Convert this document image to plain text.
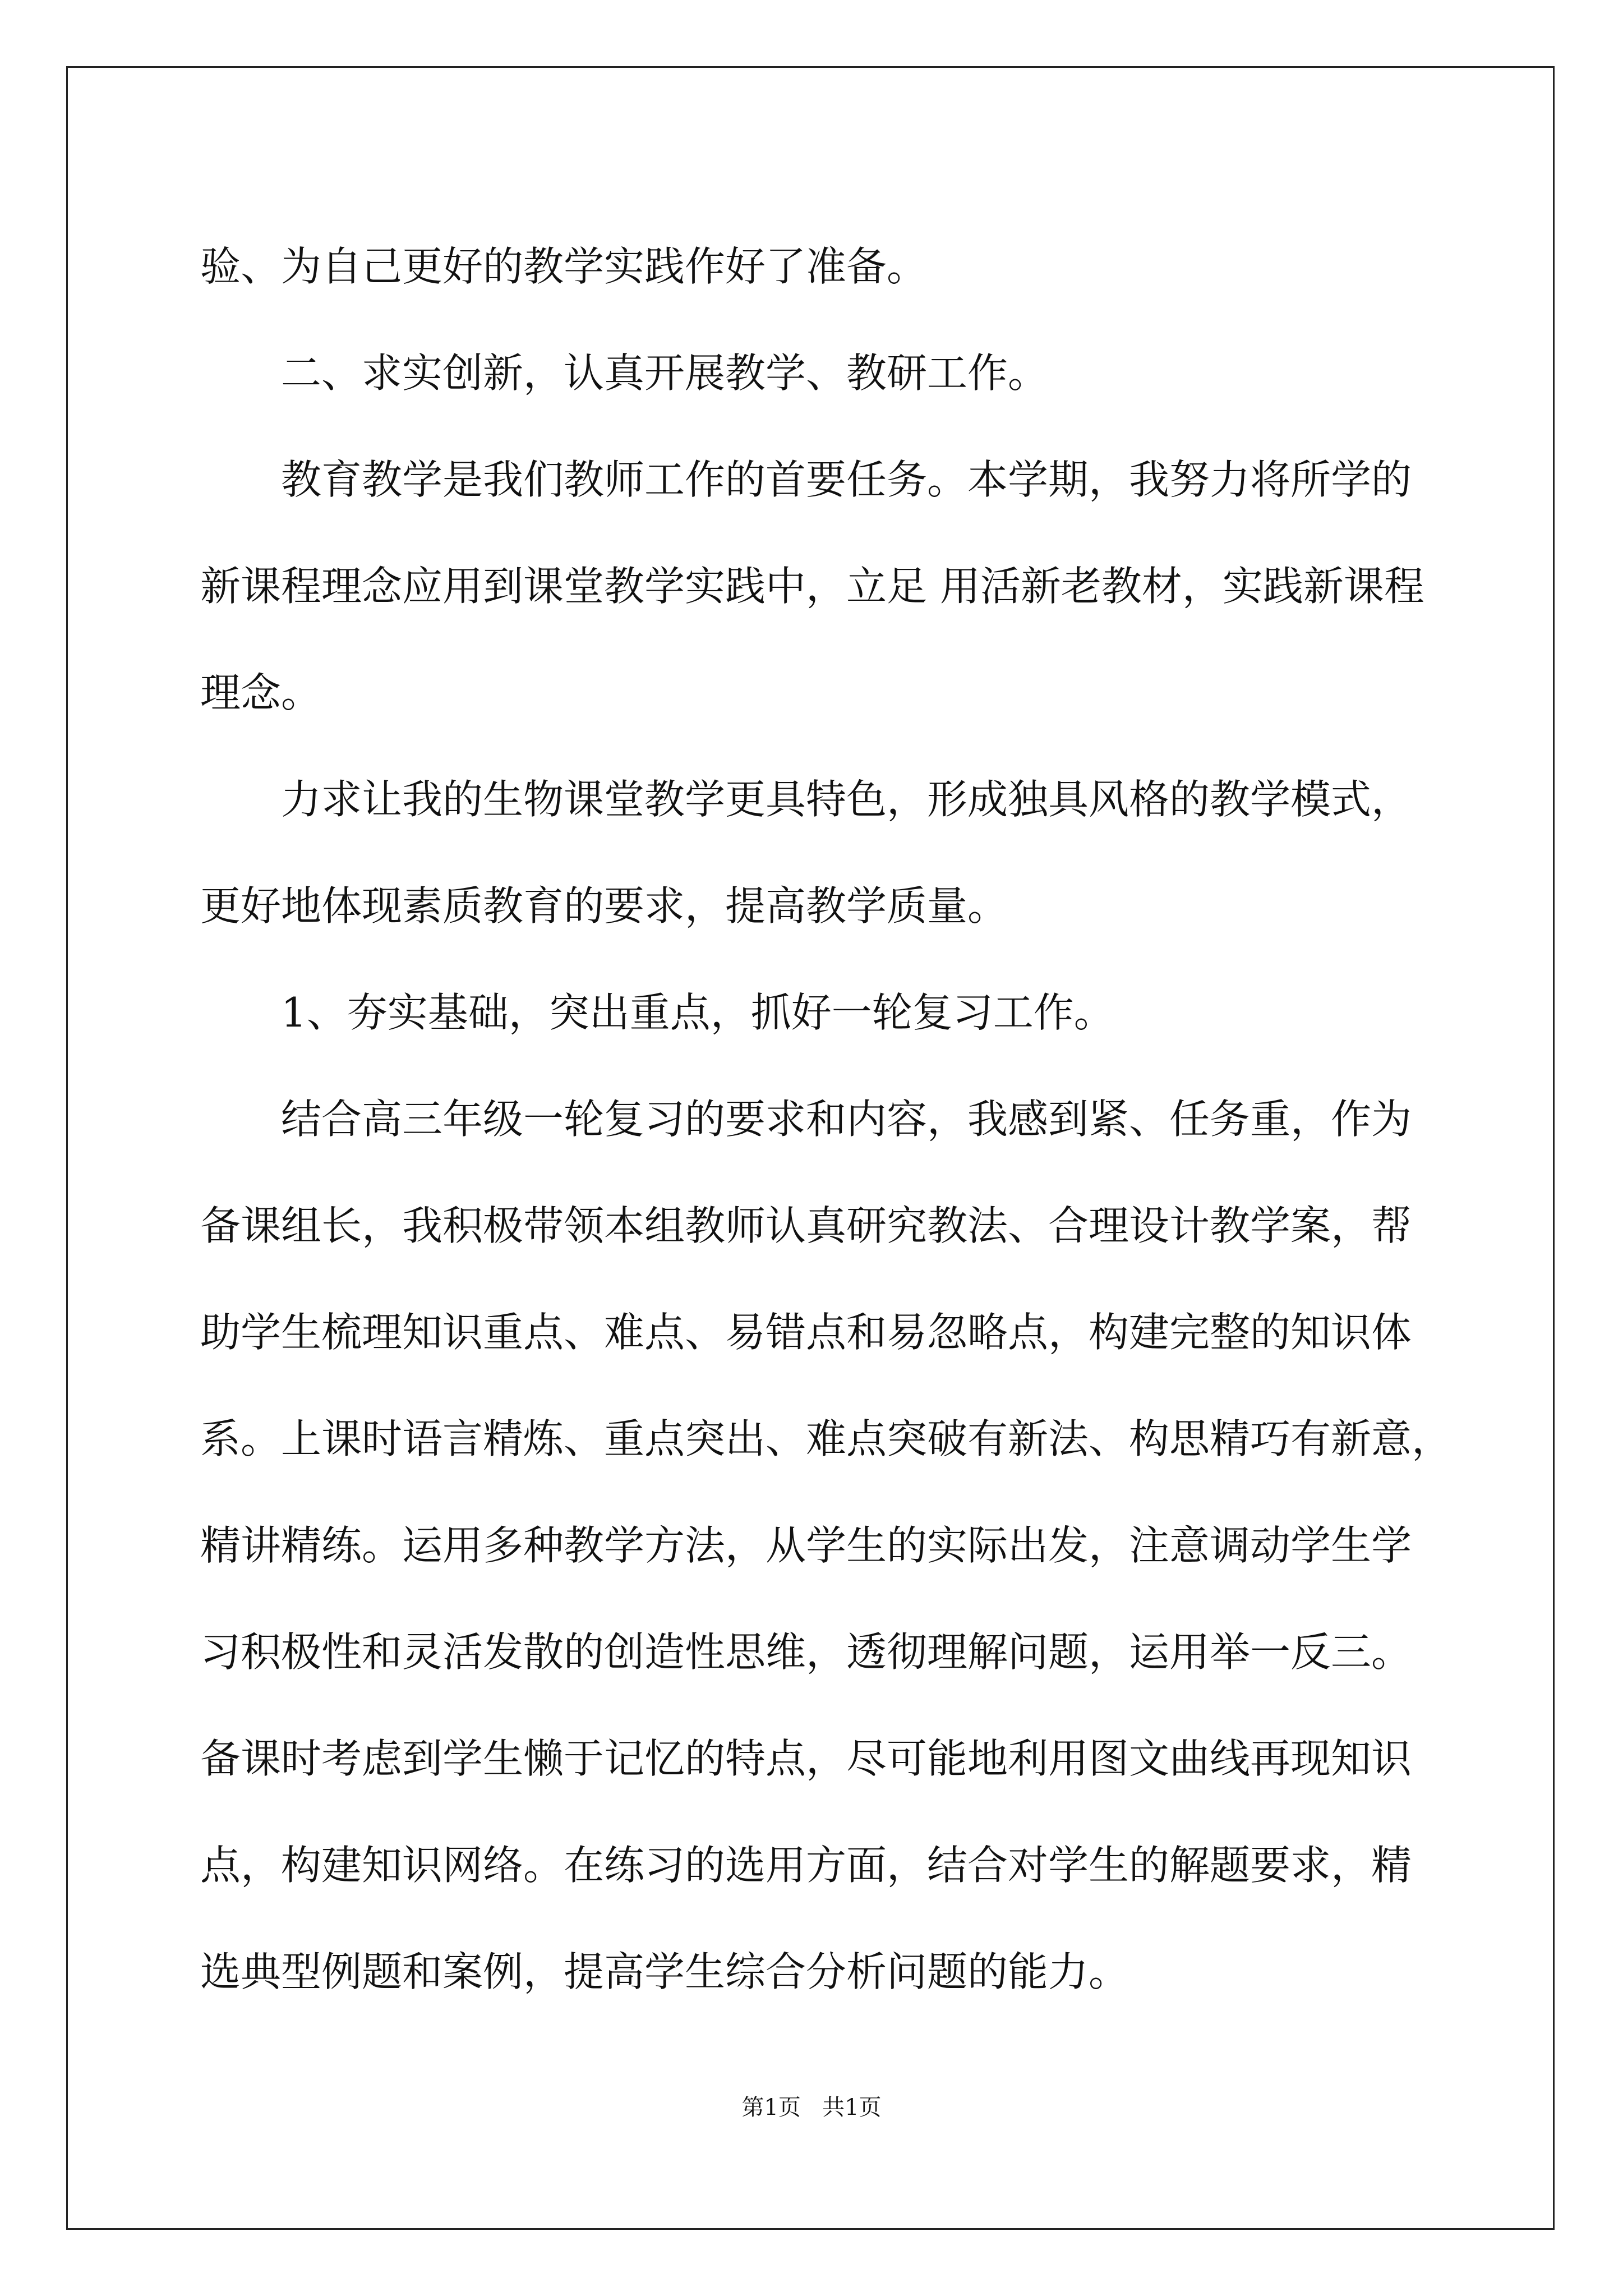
验、为自己更好的教学实践作好了准备。
二、求实创新，认真开展教学、教研工作。
教育教学是我们教师工作的首要任务。本学期，我努力将所学的
新课程理念应用到课堂教学实践中，立足 用活新老教材，实践新课程
理念。
力求让我的生物课堂教学更具特色，形成独具风格的教学模式，
更好地体现素质教育的要求，提高教学质量。
1、夯实基础，突出重点，抓好一轮复习工作。
结合高三年级一轮复习的要求和内容，我感到紧、任务重，作为
备课组长，我积极带领本组教师认真研究教法、合理设计教学案，帮
助学生梳理知识重点、难点、易错点和易忽略点，构建完整的知识体
系。上课时语言精炼、重点突出、难点突破有新法、构思精巧有新意，
精讲精练。运用多种教学方法，从学生的实际出发，注意调动学生学
习积极性和灵活发散的创造性思维，透彻理解问题，运用举一反三。
备课时考虑到学生懒于记忆的特点，尽可能地利用图文曲线再现知识
点，构建知识网络。在练习的选用方面，结合对学生的解题要求，精
选典型例题和案例，提高学生综合分析问题的能力。
第1页 共1页
